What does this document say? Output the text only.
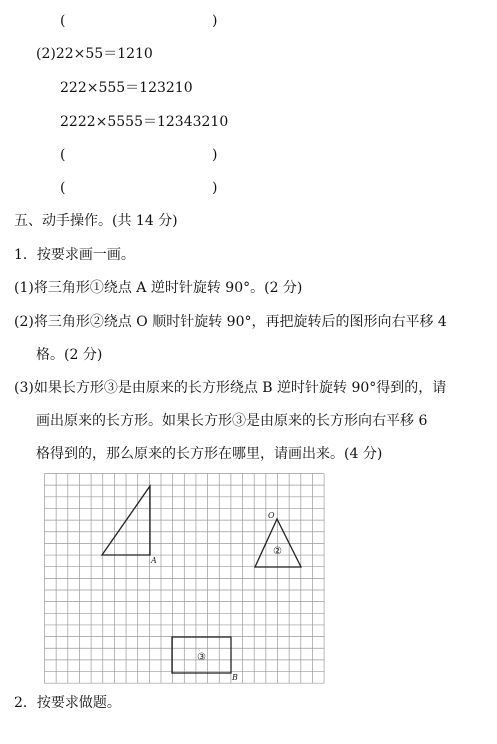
(	)
(2)22×55＝1210
222×555＝123210
2222×5555＝12343210
(	)
(	)
五、动手操作。(共 14 分)
1．按要求画一画。
(1)将三角形①绕点 A 逆时针旋转 90°。(2 分)
(2)将三角形②绕点 O 顺时针旋转 90°，再把旋转后的图形向右平移 4
格。(2 分)
(3)如果长方形③是由原来的长方形绕点 B 逆时针旋转 90°得到的，请
画出原来的长方形。如果长方形③是由原来的长方形向右平移 6
格得到的，那么原来的长方形在哪里，请画出来。(4 分)
A
O
②
③
B
2．按要求做题。
